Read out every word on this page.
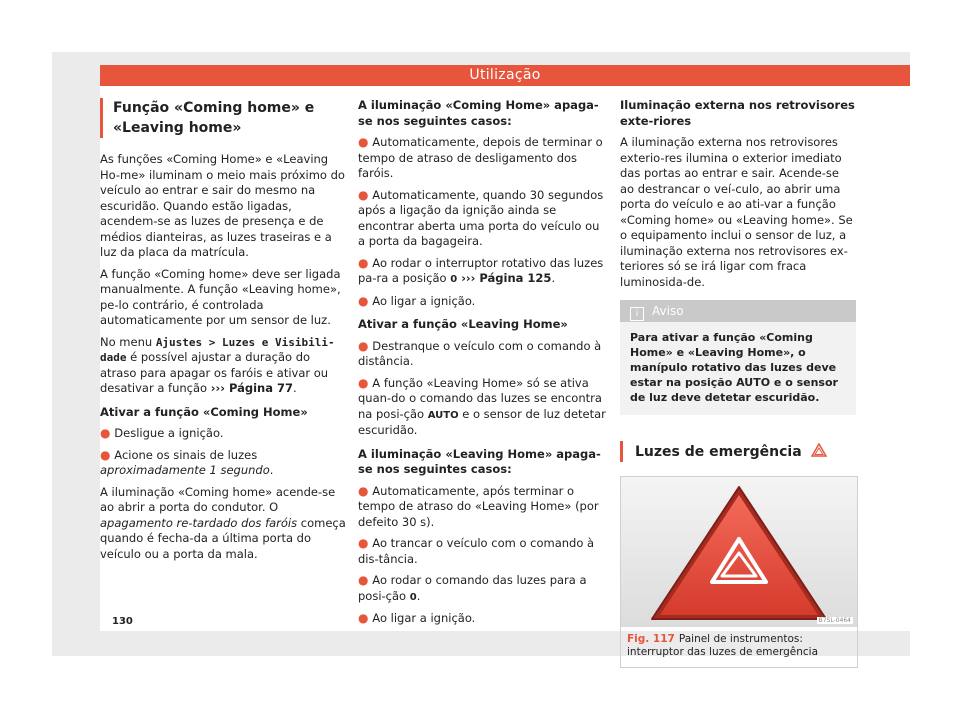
Utilização
Função «Coming home» e «Leaving home»

As funções «Coming Home» e «Leaving Ho-me» iluminam o meio mais próximo do veículo ao entrar e sair do mesmo na escuridão. Quando estão ligadas, acendem-se as luzes de presença e de médios dianteiras, as luzes traseiras e a luz da placa da matrícula.

A função «Coming home» deve ser ligada manualmente. A função «Leaving home», pe-lo contrário, é controlada automaticamente por um sensor de luz.

No menu Ajustes > Luzes e Visibili-dade é possível ajustar a duração do atraso para apagar os faróis e ativar ou desativar a função ››› Página 77.

Ativar a função «Coming Home»

● Desligue a ignição.

● Acione os sinais de luzes aproximadamente 1 segundo.

A iluminação «Coming home» acende-se ao abrir a porta do condutor. O apagamento re-tardado dos faróis começa quando é fecha-da a última porta do veículo ou a porta da mala.

A iluminação «Coming Home» apaga-se nos seguintes casos:

● Automaticamente, depois de terminar o tempo de atraso de desligamento dos faróis.

● Automaticamente, quando 30 segundos após a ligação da ignição ainda se encontrar aberta uma porta do veículo ou a porta da bagageira.

● Ao rodar o interruptor rotativo das luzes pa-ra a posição 0 ››› Página 125.

● Ao ligar a ignição.

Ativar a função «Leaving Home»

● Destranque o veículo com o comando à distância.

● A função «Leaving Home» só se ativa quan-do o comando das luzes se encontra na posi-ção AUTO e o sensor de luz detetar escuridão.

A iluminação «Leaving Home» apaga-se nos seguintes casos:

● Automaticamente, após terminar o tempo de atraso do «Leaving Home» (por defeito 30 s).

● Ao trancar o veículo com o comando à dis-tância.

● Ao rodar o comando das luzes para a posi-ção 0.

● Ao ligar a ignição.

Iluminação externa nos retrovisores exte-riores

A iluminação externa nos retrovisores exterio-res ilumina o exterior imediato das portas ao entrar e sair. Acende-se ao destrancar o veí-culo, ao abrir uma porta do veículo e ao ati-var a função «Coming home» ou «Leaving home». Se o equipamento inclui o sensor de luz, a iluminação externa nos retrovisores ex-teriores só se irá ligar com fraca luminosida-de.

i Aviso
Para ativar a função «Coming Home» e «Leaving Home», o manípulo rotativo das luzes deve estar na posição AUTO e o sensor de luz deve detetar escuridão.
Luzes de emergência
B7SL-0464
Fig. 117 Painel de instrumentos: interruptor das luzes de emergência
130
